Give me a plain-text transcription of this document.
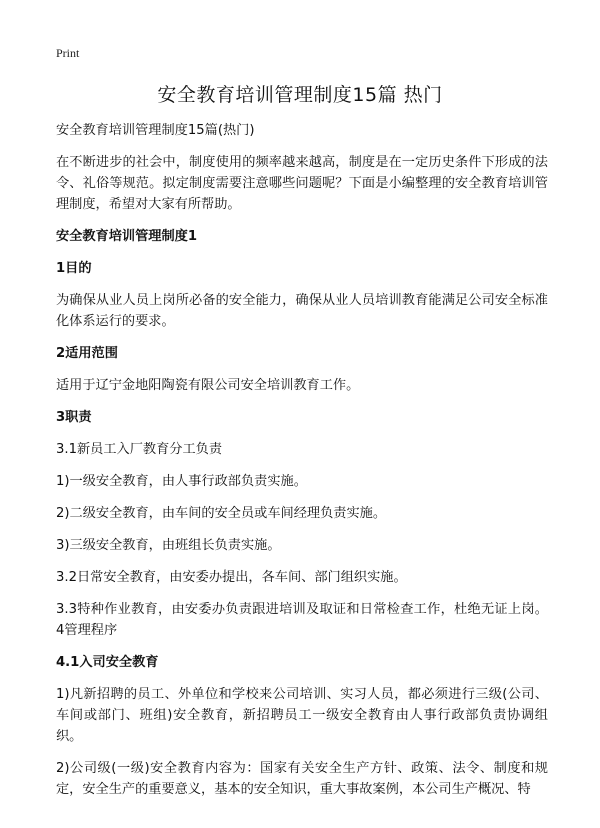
Print
安全教育培训管理制度15篇 热门

安全教育培训管理制度15篇(热门)

在不断进步的社会中，制度使用的频率越来越高，制度是在一定历史条件下形成的法令、礼俗等规范。拟定制度需要注意哪些问题呢？下面是小编整理的安全教育培训管理制度，希望对大家有所帮助。

安全教育培训管理制度1

1目的

为确保从业人员上岗所必备的安全能力，确保从业人员培训教育能满足公司安全标准化体系运行的要求。

2适用范围

适用于辽宁金地阳陶瓷有限公司安全培训教育工作。

3职责

3.1新员工入厂教育分工负责

1)一级安全教育，由人事行政部负责实施。

2)二级安全教育，由车间的安全员或车间经理负责实施。

3)三级安全教育，由班组长负责实施。

3.2日常安全教育，由安委办提出，各车间、部门组织实施。

3.3特种作业教育，由安委办负责跟进培训及取证和日常检查工作，杜绝无证上岗。 4管理程序

4.1入司安全教育

1)凡新招聘的员工、外单位和学校来公司培训、实习人员，都必须进行三级(公司、车间或部门、班组)安全教育，新招聘员工一级安全教育由人事行政部负责协调组织。

2)公司级(一级)安全教育内容为：国家有关安全生产方针、政策、法令、制度和规定，安全生产的重要意义，基本的安全知识，重大事故案例，本公司生产概况、特
